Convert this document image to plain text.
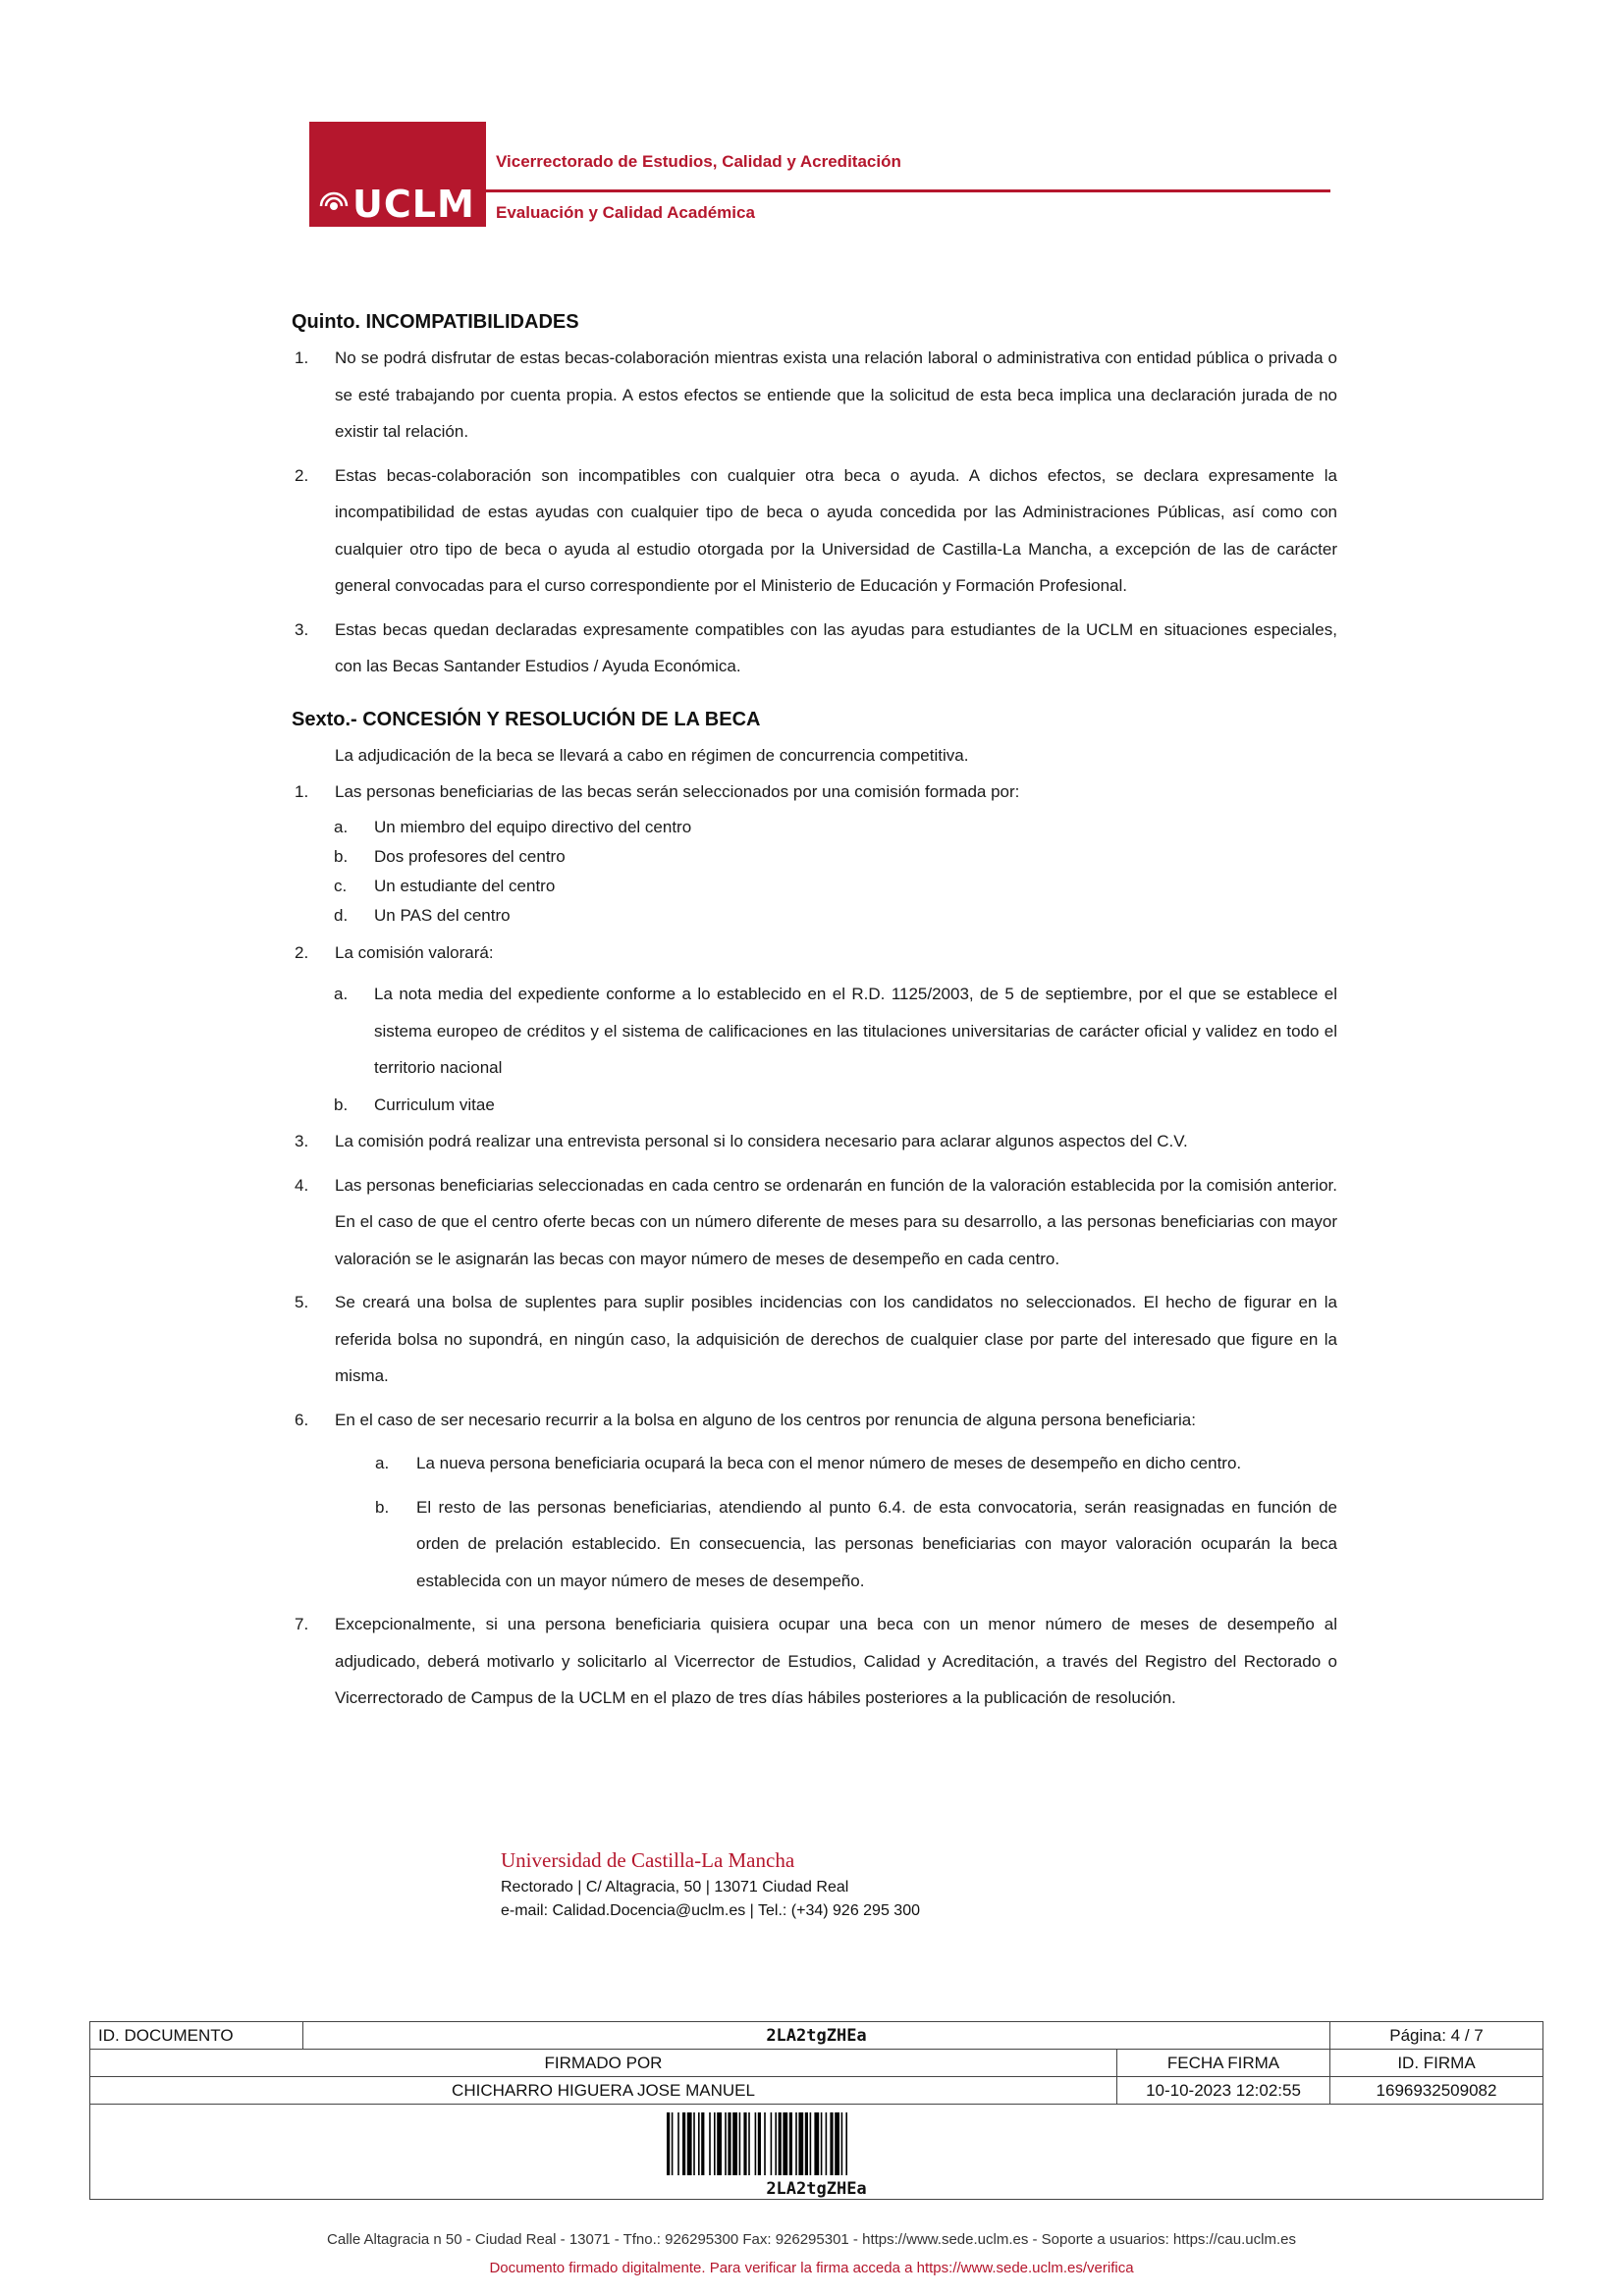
UCLM
Vicerrectorado de Estudios, Calidad y Acreditación
Evaluación y Calidad Académica
Quinto. INCOMPATIBILIDADES
1. No se podrá disfrutar de estas becas-colaboración mientras exista una relación laboral o administrativa con entidad pública o privada o se esté trabajando por cuenta propia. A estos efectos se entiende que la solicitud de esta beca implica una declaración jurada de no existir tal relación.
2. Estas becas-colaboración son incompatibles con cualquier otra beca o ayuda. A dichos efectos, se declara expresamente la incompatibilidad de estas ayudas con cualquier tipo de beca o ayuda concedida por las Administraciones Públicas, así como con cualquier otro tipo de beca o ayuda al estudio otorgada por la Universidad de Castilla-La Mancha, a excepción de las de carácter general convocadas para el curso correspondiente por el Ministerio de Educación y Formación Profesional.
3. Estas becas quedan declaradas expresamente compatibles con las ayudas para estudiantes de la UCLM en situaciones especiales, con las Becas Santander Estudios / Ayuda Económica.
Sexto.- CONCESIÓN Y RESOLUCIÓN DE LA BECA

La adjudicación de la beca se llevará a cabo en régimen de concurrencia competitiva.

1. Las personas beneficiarias de las becas serán seleccionados por una comisión formada por:
a. Un miembro del equipo directivo del centro
b. Dos profesores del centro
c. Un estudiante del centro
d. Un PAS del centro
2. La comisión valorará:
a. La nota media del expediente conforme a lo establecido en el R.D. 1125/2003, de 5 de septiembre, por el que se establece el sistema europeo de créditos y el sistema de calificaciones en las titulaciones universitarias de carácter oficial y validez en todo el territorio nacional
b. Curriculum vitae
3. La comisión podrá realizar una entrevista personal si lo considera necesario para aclarar algunos aspectos del C.V.
4. Las personas beneficiarias seleccionadas en cada centro se ordenarán en función de la valoración establecida por la comisión anterior. En el caso de que el centro oferte becas con un número diferente de meses para su desarrollo, a las personas beneficiarias con mayor valoración se le asignarán las becas con mayor número de meses de desempeño en cada centro.
5. Se creará una bolsa de suplentes para suplir posibles incidencias con los candidatos no seleccionados. El hecho de figurar en la referida bolsa no supondrá, en ningún caso, la adquisición de derechos de cualquier clase por parte del interesado que figure en la misma.
6. En el caso de ser necesario recurrir a la bolsa en alguno de los centros por renuncia de alguna persona beneficiaria:
a. La nueva persona beneficiaria ocupará la beca con el menor número de meses de desempeño en dicho centro.
b. El resto de las personas beneficiarias, atendiendo al punto 6.4. de esta convocatoria, serán reasignadas en función de orden de prelación establecido. En consecuencia, las personas beneficiarias con mayor valoración ocuparán la beca establecida con un mayor número de meses de desempeño.
7. Excepcionalmente, si una persona beneficiaria quisiera ocupar una beca con un menor número de meses de desempeño al adjudicado, deberá motivarlo y solicitarlo al Vicerrector de Estudios, Calidad y Acreditación, a través del Registro del Rectorado o Vicerrectorado de Campus de la UCLM en el plazo de tres días hábiles posteriores a la publicación de resolución.
Universidad de Castilla-La Mancha
Rectorado | C/ Altagracia, 50 | 13071 Ciudad Real
e-mail: Calidad.Docencia@uclm.es | Tel.: (+34) 926 295 300
ID. DOCUMENTO	2LA2tgZHEa		Página: 4 / 7
FIRMADO POR		FECHA FIRMA	ID. FIRMA
CHICHARRO HIGUERA JOSE MANUEL		10-10-2023 12:02:55	1696932509082

2LA2tgZHEa			
Calle Altagracia n 50 - Ciudad Real - 13071 - Tfno.: 926295300 Fax: 926295301 - https://www.sede.uclm.es - Soporte a usuarios: https://cau.uclm.es
Documento firmado digitalmente. Para verificar la firma acceda a https://www.sede.uclm.es/verifica
